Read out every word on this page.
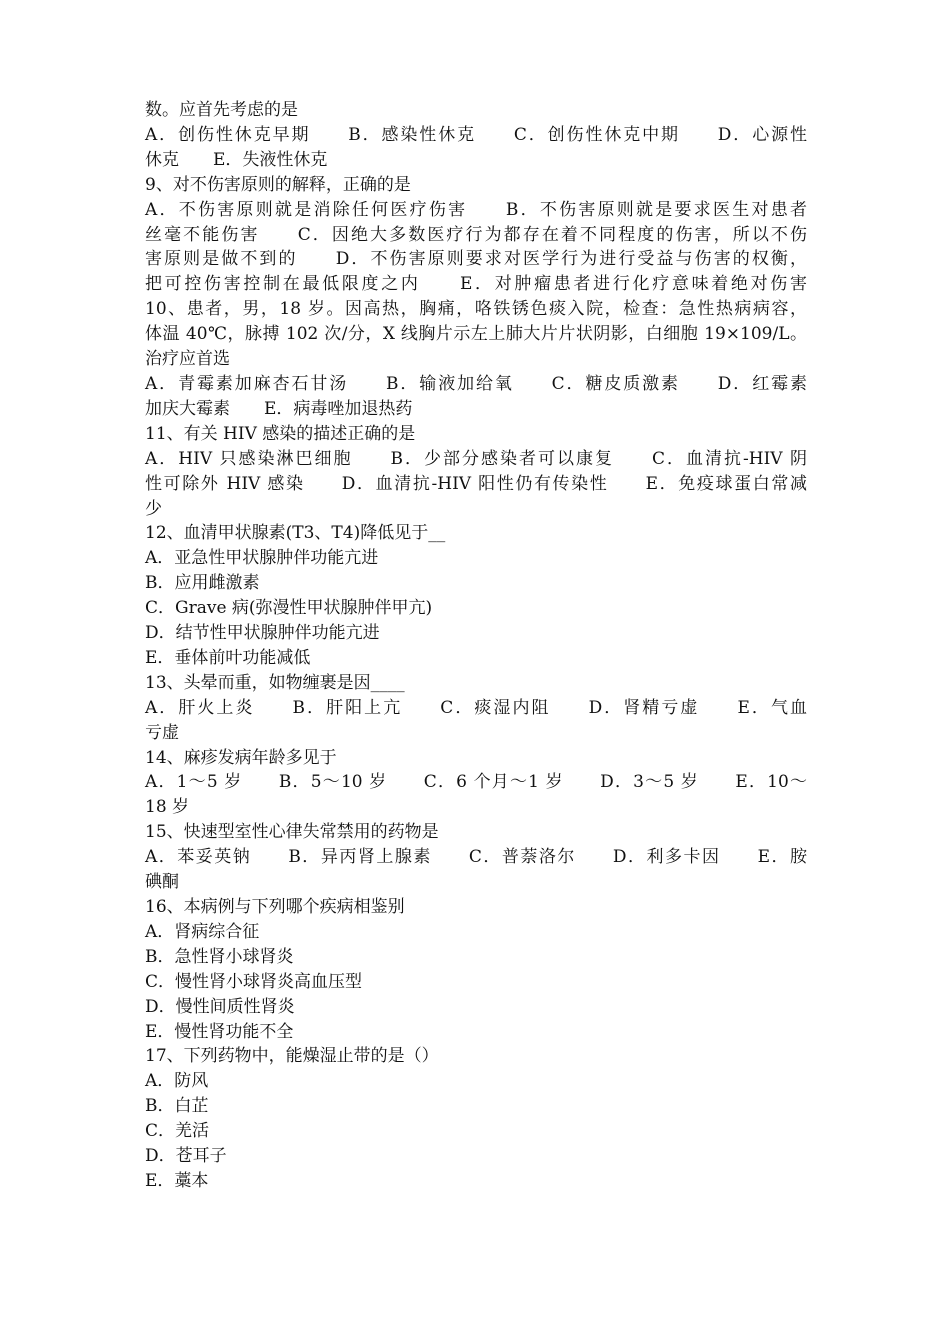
数。应首先考虑的是
A．创伤性休克早期　　B．感染性休克　　C．创伤性休克中期　　D．心源性
休克　　E．失液性休克
9、对不伤害原则的解释，正确的是
A．不伤害原则就是消除任何医疗伤害　　B．不伤害原则就是要求医生对患者
丝毫不能伤害　　C．因绝大多数医疗行为都存在着不同程度的伤害，所以不伤
害原则是做不到的　　D．不伤害原则要求对医学行为进行受益与伤害的权衡，
把可控伤害控制在最低限度之内　　E．对肿瘤患者进行化疗意味着绝对伤害
10、患者，男，18 岁。因高热，胸痛，咯铁锈色痰入院，检查：急性热病病容，
体温 40℃，脉搏 102 次/分，X 线胸片示左上肺大片片状阴影，白细胞 19×109/L。
治疗应首选
A．青霉素加麻杏石甘汤　　B．输液加给氧　　C．糖皮质激素　　D．红霉素
加庆大霉素　　E．病毒唑加退热药
11、有关 HIV 感染的描述正确的是
A．HIV 只感染淋巴细胞　　B．少部分感染者可以康复　　C．血清抗-HIV 阴
性可除外 HIV 感染　　D．血清抗-HIV 阳性仍有传染性　　E．免疫球蛋白常减
少
12、血清甲状腺素(T3、T4)降低见于__
A．亚急性甲状腺肿伴功能亢进
B．应用雌激素
C．Grave 病(弥漫性甲状腺肿伴甲亢)
D．结节性甲状腺肿伴功能亢进
E．垂体前叶功能减低
13、头晕而重，如物缠裹是因____
A．肝火上炎　　B．肝阳上亢　　C．痰湿内阻　　D．肾精亏虚　　E．气血
亏虚
14、麻疹发病年龄多见于
A．1～5 岁　　B．5～10 岁　　C．6 个月～1 岁　　D．3～5 岁　　E．10～
18 岁
15、快速型室性心律失常禁用的药物是
A．苯妥英钠　　B．异丙肾上腺素　　C．普萘洛尔　　D．利多卡因　　E．胺
碘酮
16、本病例与下列哪个疾病相鉴别
A．肾病综合征
B．急性肾小球肾炎
C．慢性肾小球肾炎高血压型
D．慢性间质性肾炎
E．慢性肾功能不全
17、下列药物中，能燥湿止带的是（）
A．防风
B．白芷
C．羌活
D．苍耳子
E．藁本
